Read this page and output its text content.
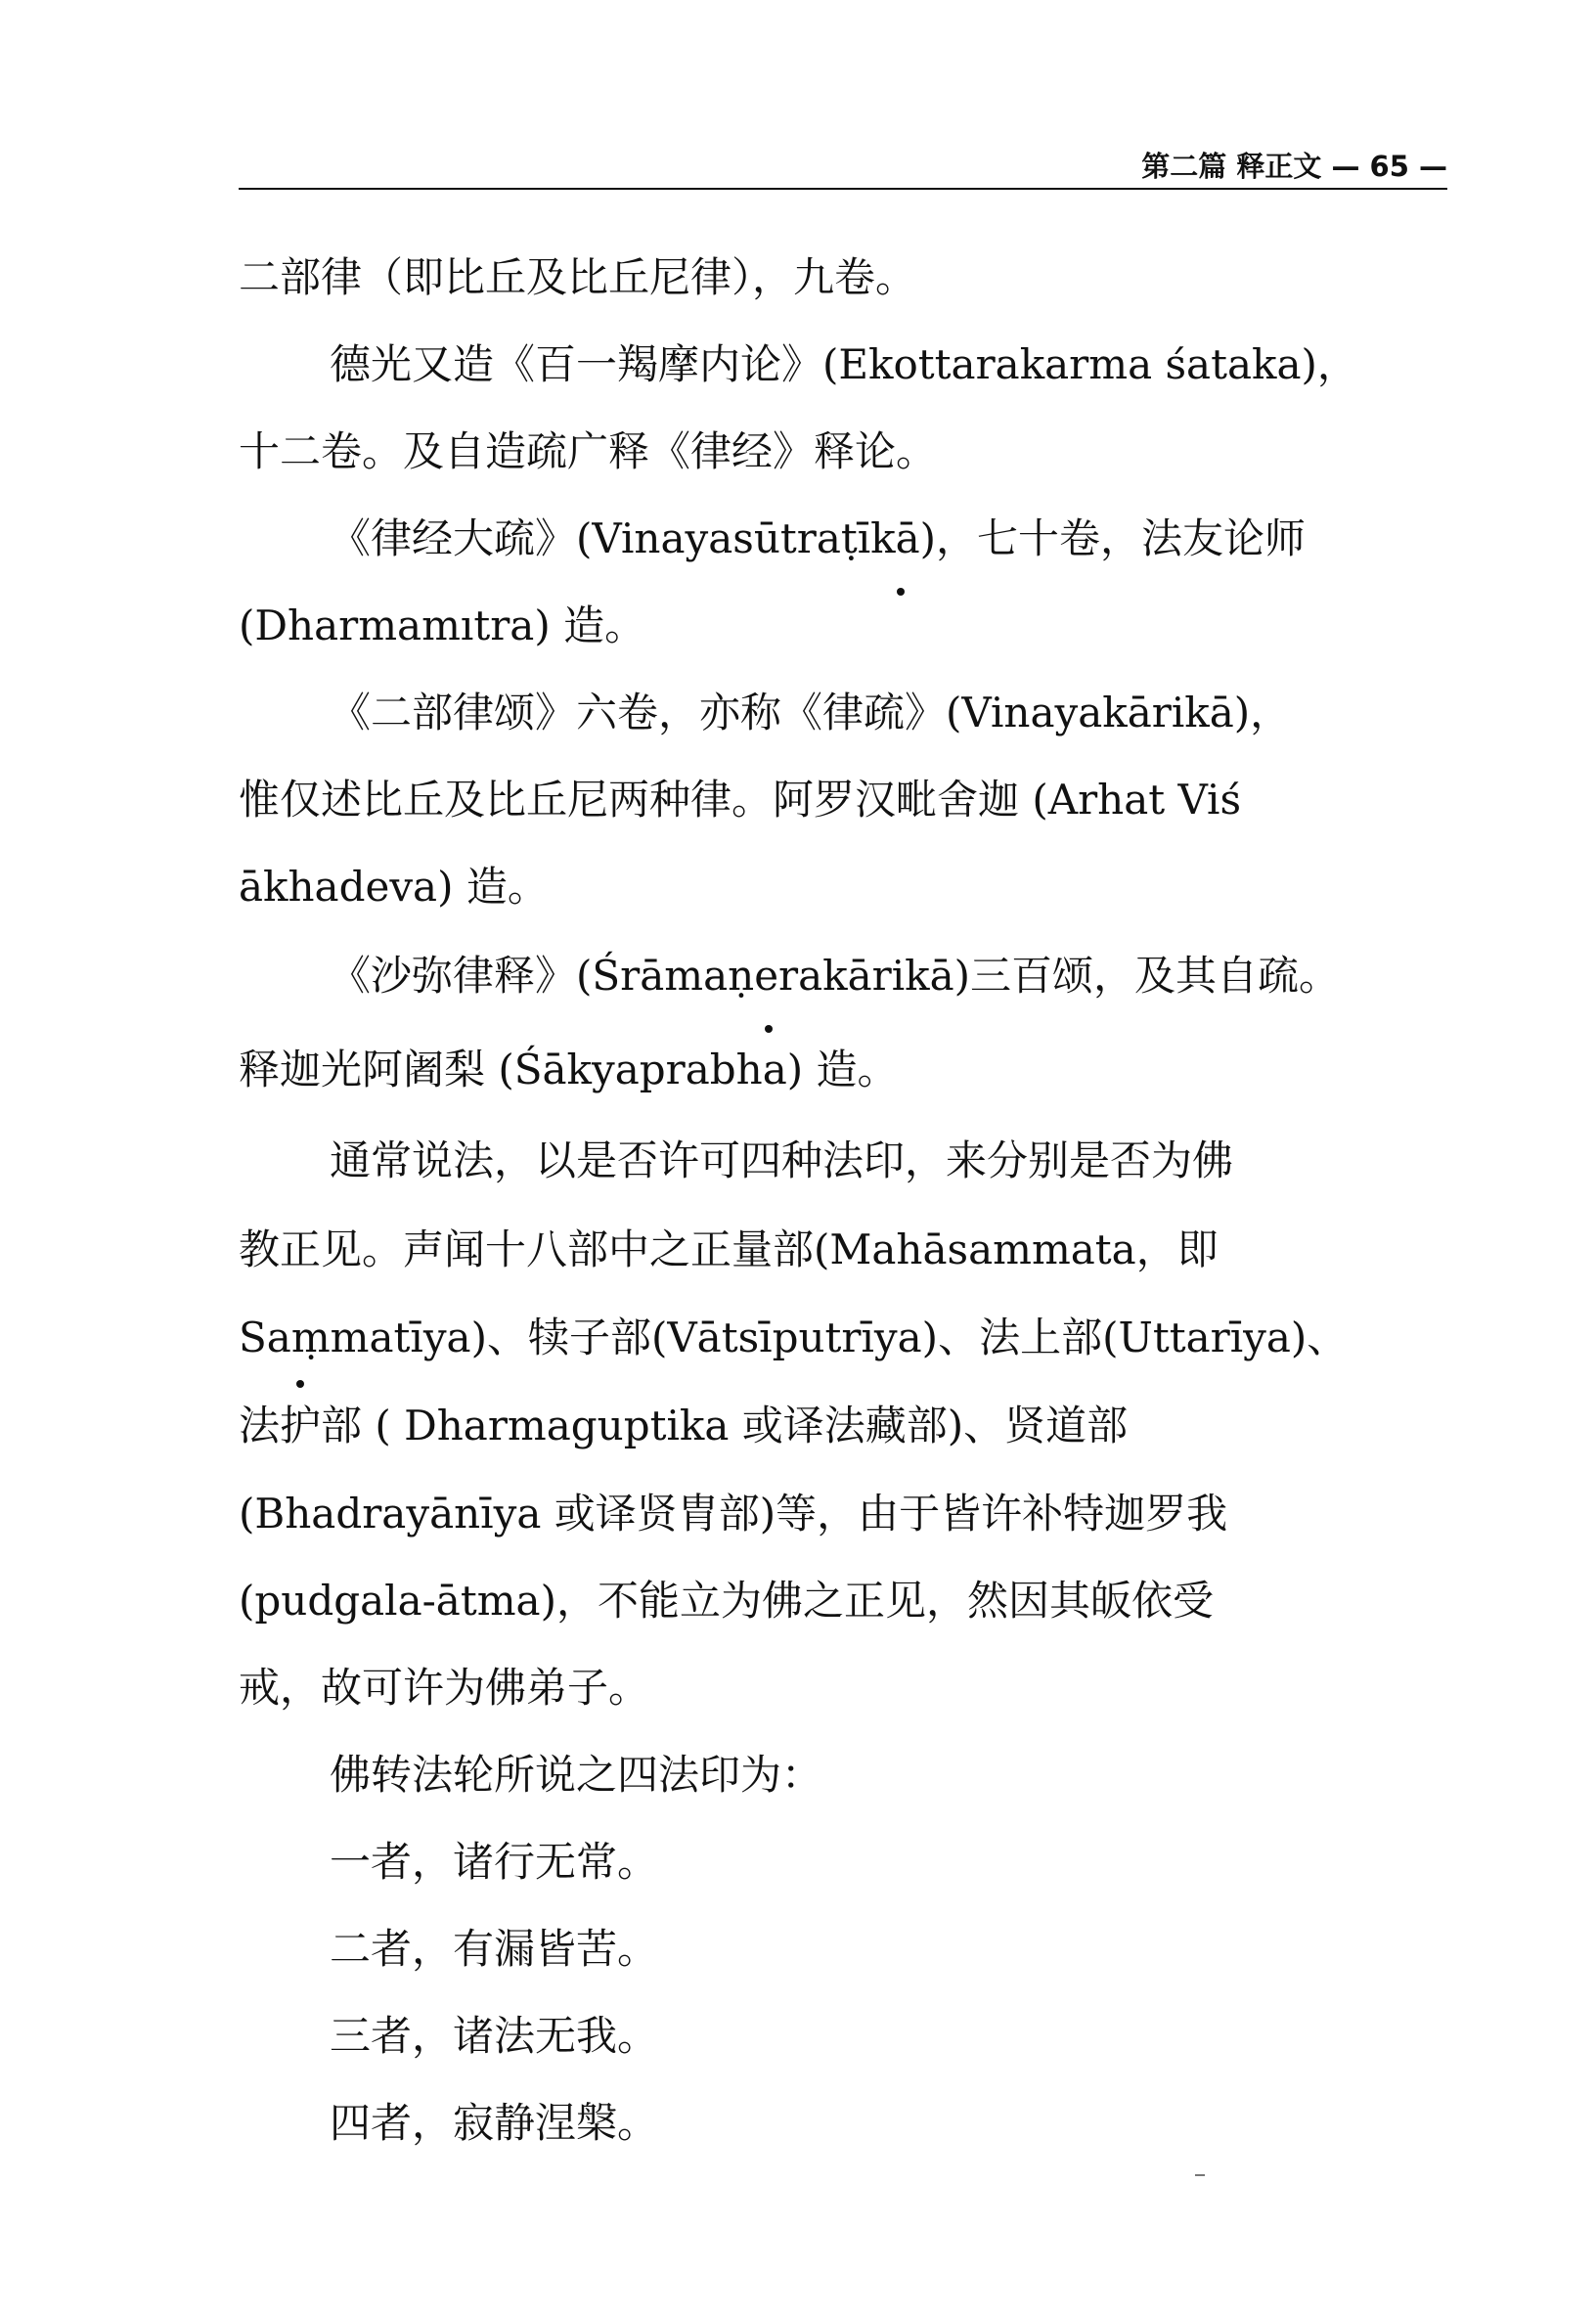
第二篇 释正文 — 65 —
二部律（即比丘及比丘尼律），九卷。
德光又造《百一羯摩内论》(Ekottarakarma śataka)，
十二卷。及自造疏广释《律经》释论。
《律经大疏》(Vinayasūtraṭīkā)，七十卷，法友论师
(Dharmamıtra) 造。
《二部律颂》六卷，亦称《律疏》(Vinayakārikā)，
惟仅述比丘及比丘尼两种律。阿罗汉毗舍迦 (Arhat Viś
ākhadeva) 造。
《沙弥律释》(Śrāmaṇerakārikā)三百颂，及其自疏。
释迦光阿阇梨 (Śākyaprabha) 造。
通常说法，以是否许可四种法印，来分别是否为佛
教正见。声闻十八部中之正量部(Mahāsammata，即
Saṃmatīya)、犊子部(Vātsīputrīya)、法上部(Uttarīya)、
法护部 ( Dharmaguptika 或译法藏部)、贤道部
(Bhadrayānīya 或译贤胄部)等，由于皆许补特迦罗我
(pudgala-ātma)，不能立为佛之正见，然因其皈依受
戒，故可许为佛弟子。
佛转法轮所说之四法印为：
一者，诸行无常。
二者，有漏皆苦。
三者，诸法无我。
四者，寂静涅槃。
